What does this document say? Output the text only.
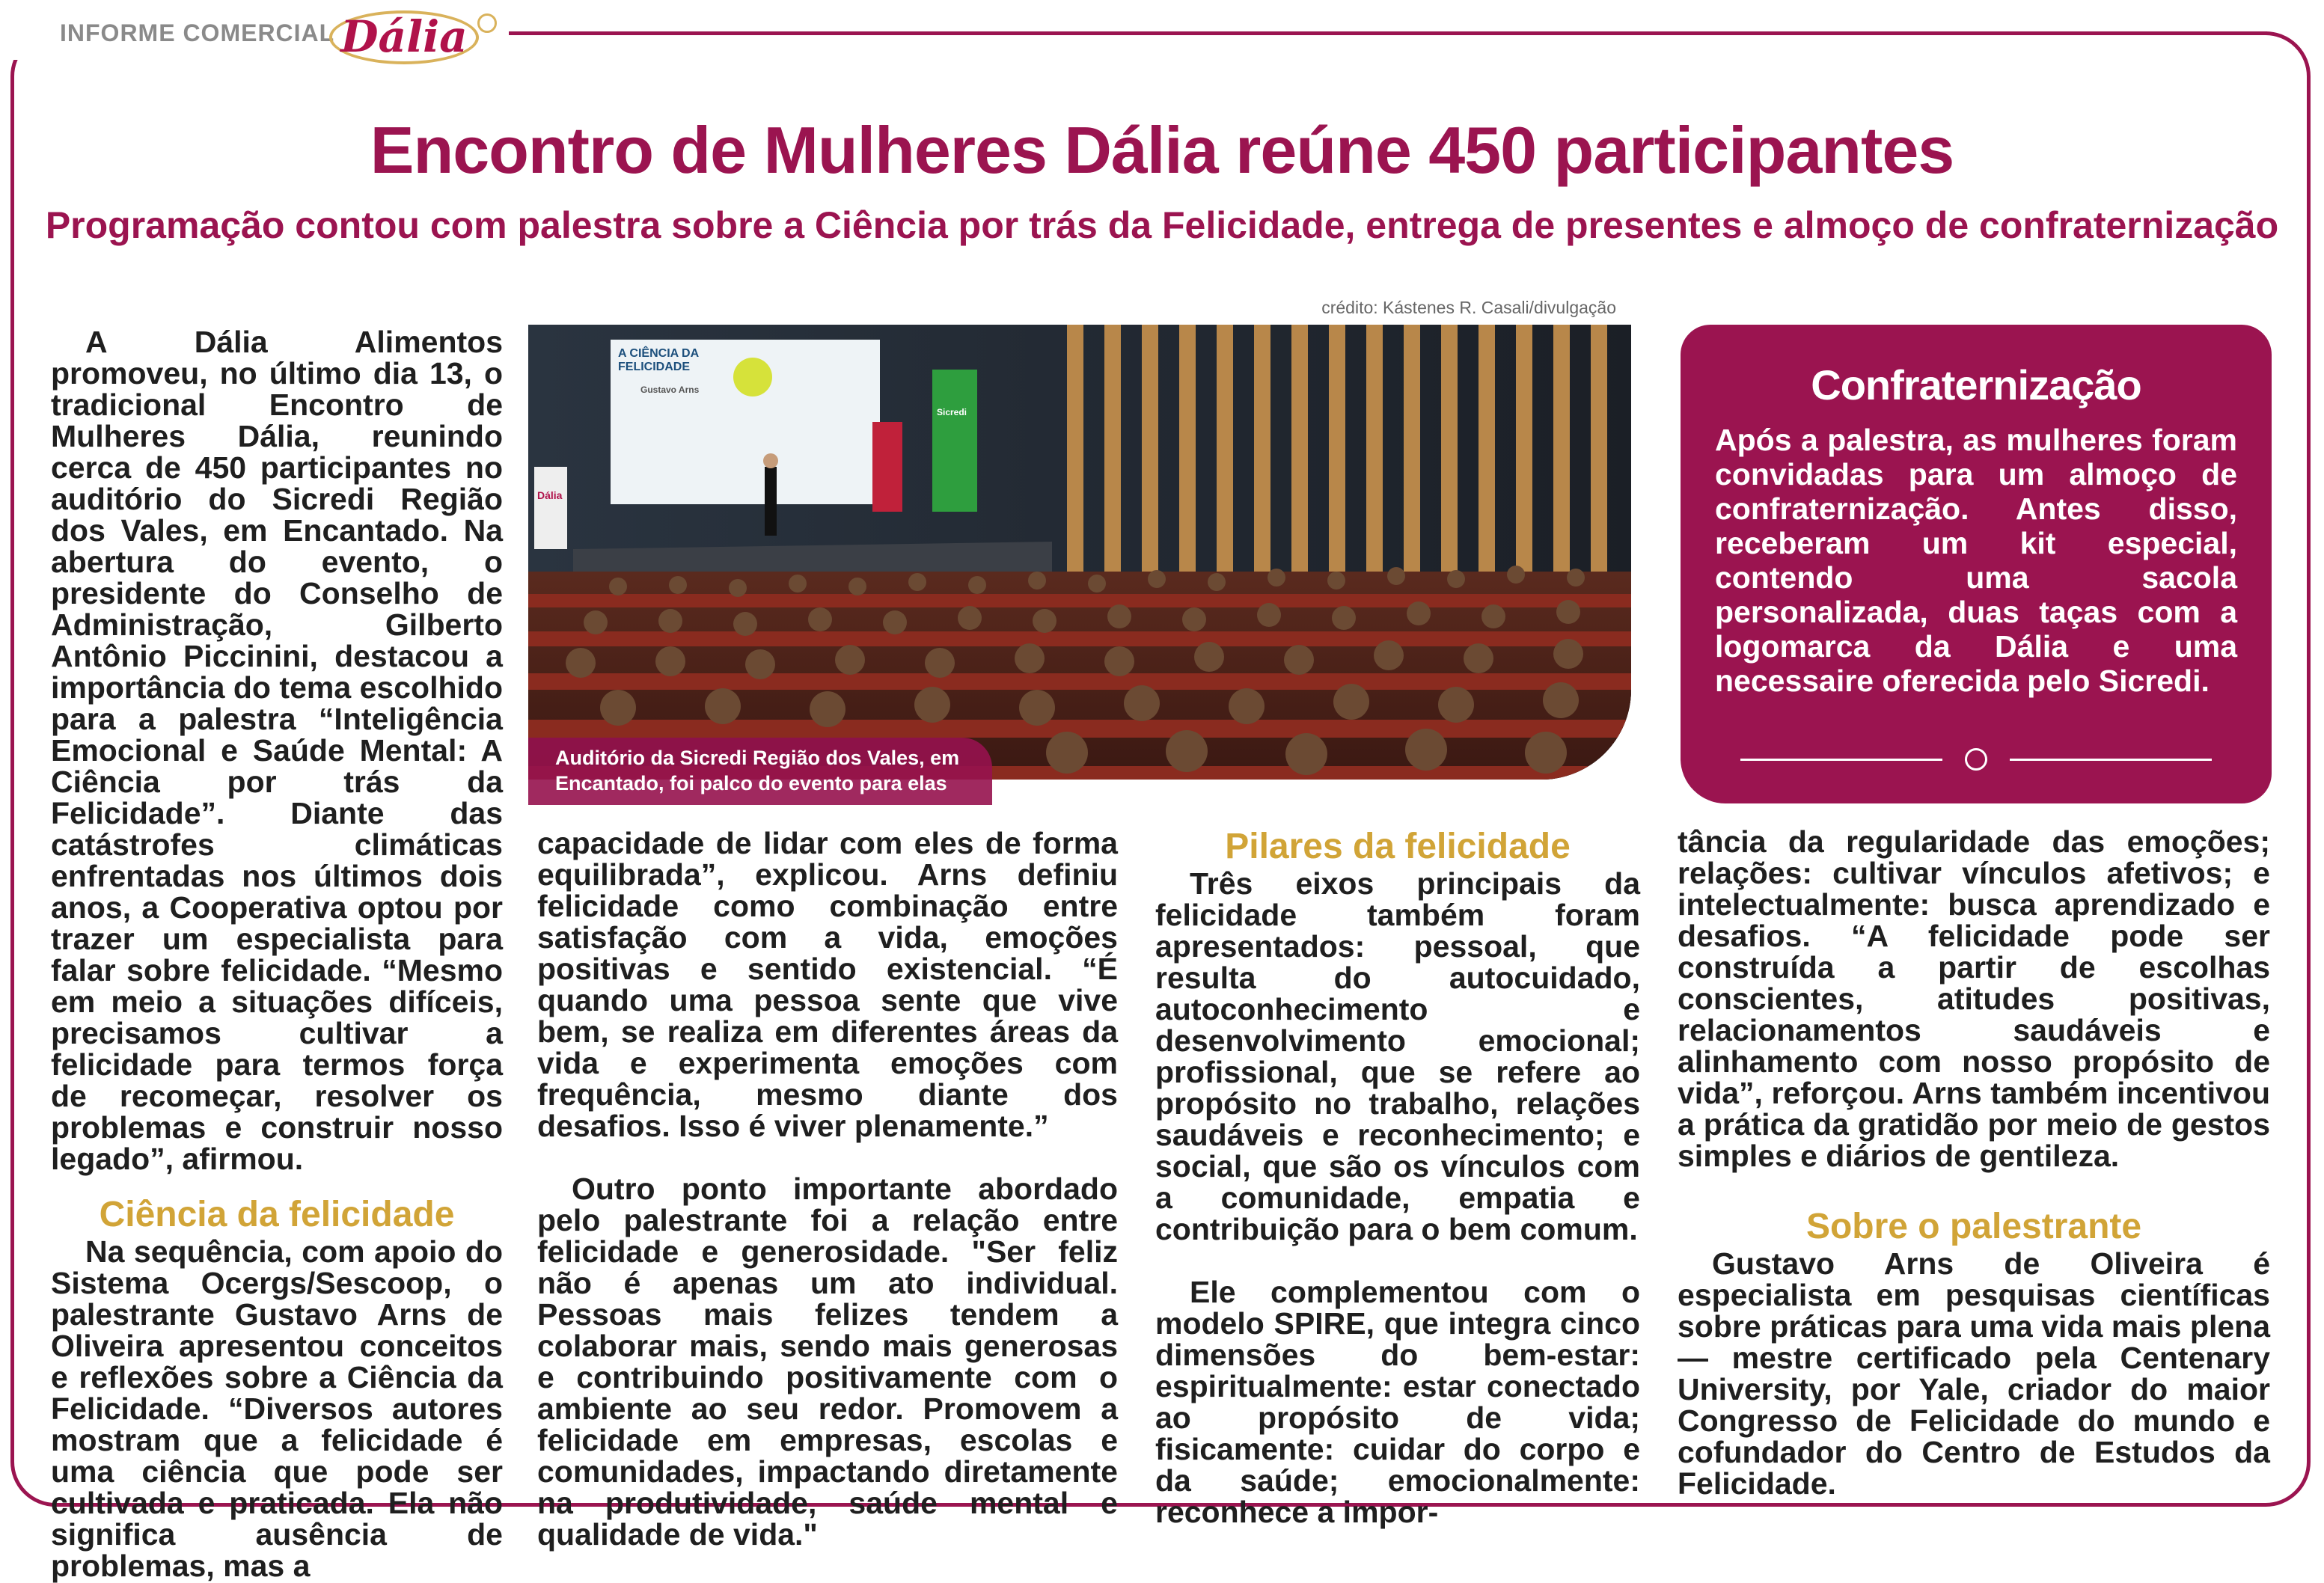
INFORME COMERCIAL Dália
Encontro de Mulheres Dália reúne 450 participantes
Programação contou com palestra sobre a Ciência por trás da Felicidade, entrega de presentes e almoço de confraternização

A Dália Alimentos promoveu, no último dia 13, o tradicional Encontro de Mulheres Dália, reunindo cerca de 450 participantes no auditório do Sicredi Região dos Vales, em Encantado. Na abertura do evento, o presidente do Conselho de Administração, Gilberto Antônio Piccinini, destacou a importância do tema escolhido para a palestra “Inteligência Emocional e Saúde Mental: A Ciência por trás da Felicidade”. Diante das catástrofes climáticas enfrentadas nos últimos dois anos, a Cooperativa optou por trazer um especialista para falar sobre felicidade. “Mesmo em meio a situações difíceis, precisamos cultivar a felicidade para termos força de recomeçar, resolver os problemas e construir nosso legado”, afirmou.

Ciência da felicidade

Na sequência, com apoio do Sistema Ocergs/Sescoop, o palestrante Gustavo Arns de Oliveira apresentou conceitos e reflexões sobre a Ciência da Felicidade. “Diversos autores mostram que a felicidade é uma ciência que pode ser cultivada e praticada. Ela não significa ausência de problemas, mas a

crédito: Kástenes R. Casali/divulgação
A CIÊNCIA DA FELICIDADE
Gustavo Arns
Sicredi
Dália
Auditório da Sicredi Região dos Vales, em Encantado, foi palco do evento para elas

capacidade de lidar com eles de forma equilibrada”, explicou. Arns definiu felicidade como combinação entre satisfação com a vida, emoções positivas e sentido existencial. “É quando uma pessoa sente que vive bem, se realiza em diferentes áreas da vida e experimenta emoções com frequência, mesmo diante dos desafios. Isso é viver plenamente.”

Outro ponto importante abordado pelo palestrante foi a relação entre felicidade e generosidade. "Ser feliz não é apenas um ato individual. Pessoas mais felizes tendem a colaborar mais, sendo mais generosas e contribuindo positivamente com o ambiente ao seu redor. Promovem a felicidade em empresas, escolas e comunidades, impactando diretamente na produtividade, saúde mental e qualidade de vida."

Pilares da felicidade

Três eixos principais da felicidade também foram apresentados: pessoal, que resulta do autocuidado, autoconhecimento e desenvolvimento emocional; profissional, que se refere ao propósito no trabalho, relações saudáveis e reconhecimento; e social, que são os vínculos com a comunidade, empatia e contribuição para o bem comum.

Ele complementou com o modelo SPIRE, que integra cinco dimensões do bem-estar: espiritualmente: estar conectado ao propósito de vida; fisicamente: cuidar do corpo e da saúde; emocionalmente: reconhece a impor-

Confraternização
Após a palestra, as mulheres foram convidadas para um almoço de confraternização. Antes disso, receberam um kit especial, contendo uma sacola personalizada, duas taças com a logomarca da Dália e uma necessaire oferecida pelo Sicredi.

tância da regularidade das emoções; relações: cultivar vínculos afetivos; e intelectualmente: busca aprendizado e desafios. “A felicidade pode ser construída a partir de escolhas conscientes, atitudes positivas, relacionamentos saudáveis e alinhamento com nosso propósito de vida”, reforçou. Arns também incentivou a prática da gratidão por meio de gestos simples e diários de gentileza.

Sobre o palestrante

Gustavo Arns de Oliveira é especialista em pesquisas científicas sobre práticas para uma vida mais plena — mestre certificado pela Centenary University, por Yale, criador do maior Congresso de Felicidade do mundo e cofundador do Centro de Estudos da Felicidade.
